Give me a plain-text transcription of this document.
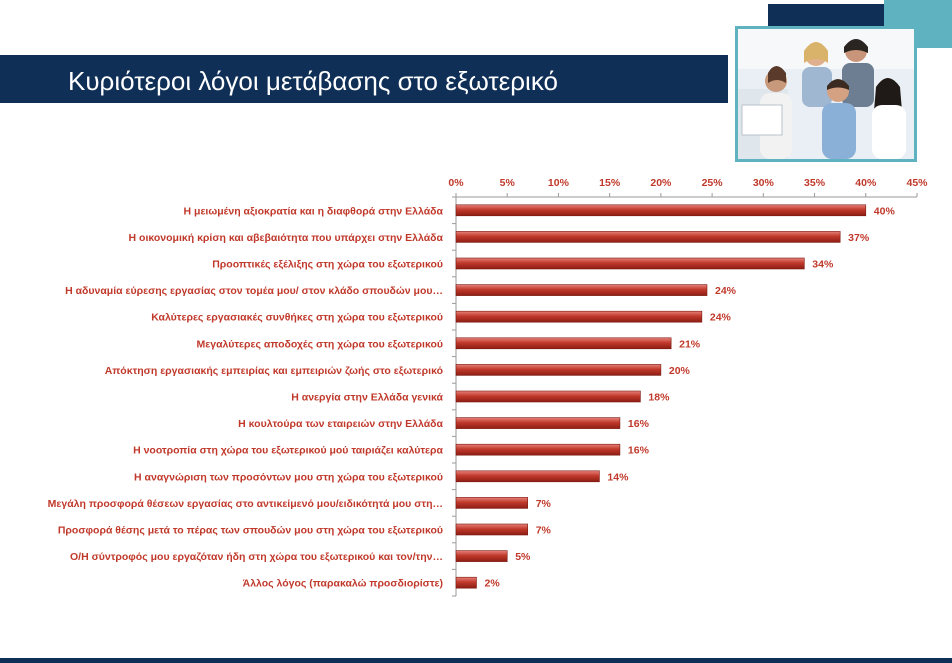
Κυριότεροι λόγοι μετάβασης στο εξωτερικό
0%	5%	10%	15%	20%	25%	30%	35%	40%	45%
Η μειωμένη αξιοκρατία και η διαφθορά στην Ελλάδα	40%
Η οικονομική κρίση και αβεβαιότητα που υπάρχει στην Ελλάδα	37%
Προοπτικές εξέλιξης στη χώρα του εξωτερικού	34%
Η αδυναμία εύρεσης εργασίας στον τομέα μου/ στον κλάδο σπουδών μου…	24%
Καλύτερες εργασιακές συνθήκες στη χώρα του εξωτερικού	24%
Μεγαλύτερες αποδοχές στη χώρα του εξωτερικού	21%
Απόκτηση εργασιακής εμπειρίας και εμπειριών ζωής στο εξωτερικό	20%
Η ανεργία στην Ελλάδα γενικά	18%
Η κουλτούρα των εταιρειών στην Ελλάδα	16%
Η νοοτροπία στη χώρα του εξωτερικού μού ταιριάζει καλύτερα	16%
Η αναγνώριση των προσόντων μου στη χώρα του εξωτερικού	14%
Μεγάλη προσφορά θέσεων εργασίας στο αντικείμενό μου/ειδικότητά μου στη…	7%
Προσφορά θέσης μετά το πέρας των σπουδών μου στη χώρα του εξωτερικού	7%
Ο/Η σύντροφός μου εργαζόταν ήδη στη χώρα του εξωτερικού και τον/την…	5%
Άλλος λόγος (παρακαλώ προσδιορίστε)	2%
